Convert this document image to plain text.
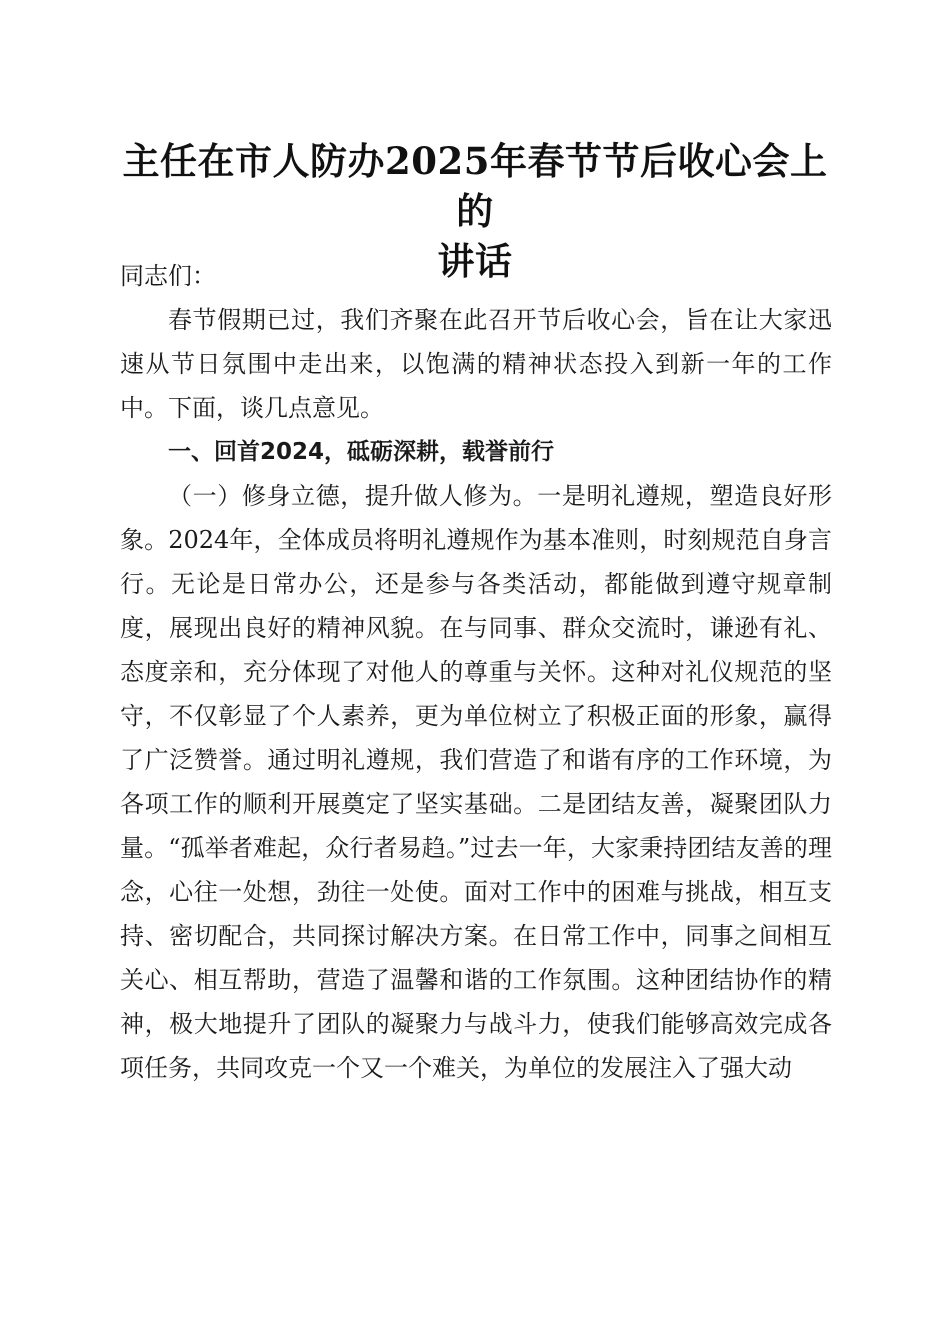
主任在市人防办2025年春节节后收心会上的
讲话

同志们：

春节假期已过，我们齐聚在此召开节后收心会，旨在让大家迅速从节日氛围中走出来，以饱满的精神状态投入到新一年的工作中。下面，谈几点意见。

一、回首2024，砥砺深耕，载誉前行

（一）修身立德，提升做人修为。一是明礼遵规，塑造良好形象。2024年，全体成员将明礼遵规作为基本准则，时刻规范自身言行。无论是日常办公，还是参与各类活动，都能做到遵守规章制度，展现出良好的精神风貌。在与同事、群众交流时，谦逊有礼、态度亲和，充分体现了对他人的尊重与关怀。这种对礼仪规范的坚守，不仅彰显了个人素养，更为单位树立了积极正面的形象，赢得了广泛赞誉。通过明礼遵规，我们营造了和谐有序的工作环境，为各项工作的顺利开展奠定了坚实基础。二是团结友善，凝聚团队力量。“孤举者难起，众行者易趋。”过去一年，大家秉持团结友善的理念，心往一处想，劲往一处使。面对工作中的困难与挑战，相互支持、密切配合，共同探讨解决方案。在日常工作中，同事之间相互关心、相互帮助，营造了温馨和谐的工作氛围。这种团结协作的精神，极大地提升了团队的凝聚力与战斗力，使我们能够高效完成各项任务，共同攻克一个又一个难关，为单位的发展注入了强大动
